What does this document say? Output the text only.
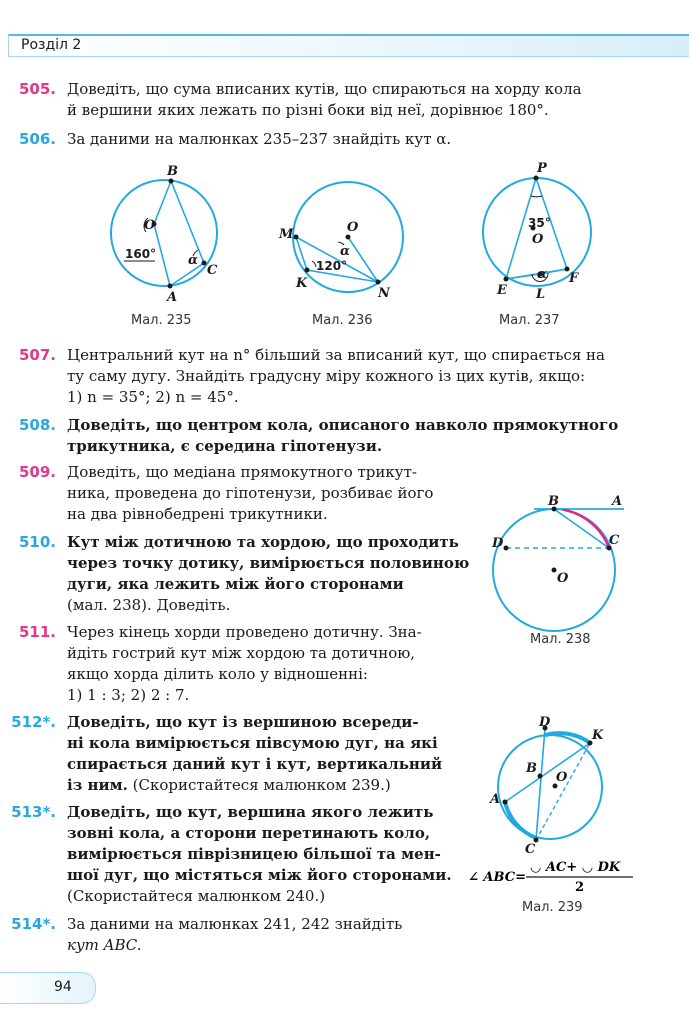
Розділ 2
505. Доведіть, що сума вписаних кутів, що спираються на хорду кола
й вершини яких лежать по різні боки від неї, дорівнює 180°.
506. За даними на малюнках 235–237 знайдіть кут α.
B
O
C
A
160° α
Мал. 235
M	O
K
N
120°
α
Мал. 236
P
O
E L
F
35°
α
Мал. 237
507. Центральний кут на n° більший за вписаний кут, що спирається на
ту саму дугу. Знайдіть градусну міру кожного із цих кутів, якщо:
1) n = 35°; 2) n = 45°.
508. Доведіть, що центром кола, описаного навколо прямокутного
трикутника, є середина гіпотенузи.
509. Доведіть, що медіана прямокутного трикут-
ника, проведена до гіпотенузи, розбиває його
на два рівнобедрені трикутники.
510. Кут між дотичною та хордою, що проходить
через точку дотику, вимірюється половиною
дуги, яка лежить між його сторонами
(мал. 238). Доведіть.
B	A
D	C
O
Мал. 238
511. Через кінець хорди проведено дотичну. Зна-
йдіть гострий кут між хордою та дотичною,
якщо хорда ділить коло у відношенні:
1) 1 : 3; 2) 2 : 7.
512*. Доведіть, що кут із вершиною всереди-
ні кола вимірюється півсумою дуг, на які
спирається даний кут і кут, вертикальний
із ним. (Скористайтеся малюнком 239.)
513*. Доведіть, що кут, вершина якого лежить
зовні кола, а сторони перетинають коло,
вимірюється піврізницею більшої та мен-
шої дуг, що містяться між його сторонами.
(Скористайтеся малюнком 240.)
514*. За даними на малюнках 241, 242 знайдіть
кут ABC.
D
K
B
O
A
C
∠ ABC=
◡ AC+ ◡ DK
2
Мал. 239
94
